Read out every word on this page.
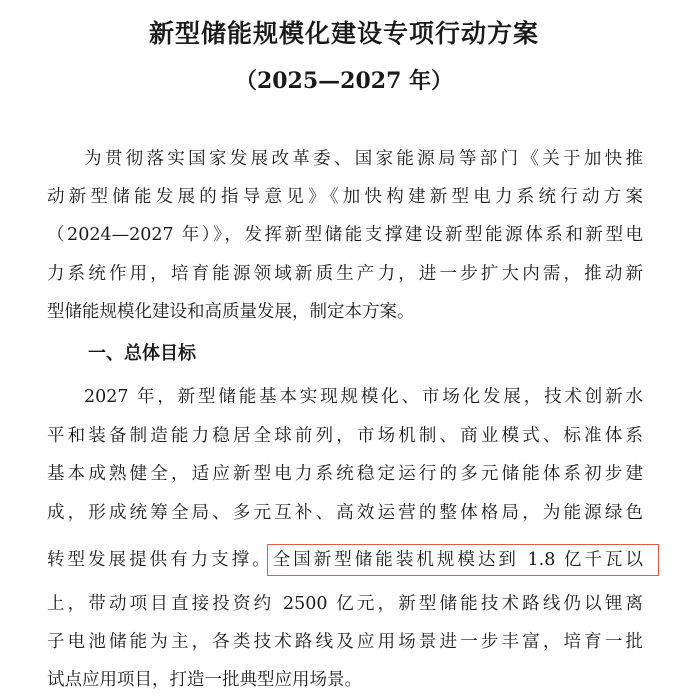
新型储能规模化建设专项行动方案
（2025—2027 年）
为贯彻落实国家发展改革委、国家能源局等部门《关于加快推
动新型储能发展的指导意见》《加快构建新型电力系统行动方案
（2024—2027 年）》，发挥新型储能支撑建设新型能源体系和新型电
力系统作用，培育能源领域新质生产力，进一步扩大内需，推动新
型储能规模化建设和高质量发展，制定本方案。
一、总体目标
2027 年，新型储能基本实现规模化、市场化发展，技术创新水
平和装备制造能力稳居全球前列，市场机制、商业模式、标准体系
基本成熟健全，适应新型电力系统稳定运行的多元储能体系初步建
成，形成统筹全局、多元互补、高效运营的整体格局，为能源绿色
转型发展提供有力支撑。全国新型储能装机规模达到 1.8 亿千瓦以
上，带动项目直接投资约 2500 亿元，新型储能技术路线仍以锂离
子电池储能为主，各类技术路线及应用场景进一步丰富，培育一批
试点应用项目，打造一批典型应用场景。
